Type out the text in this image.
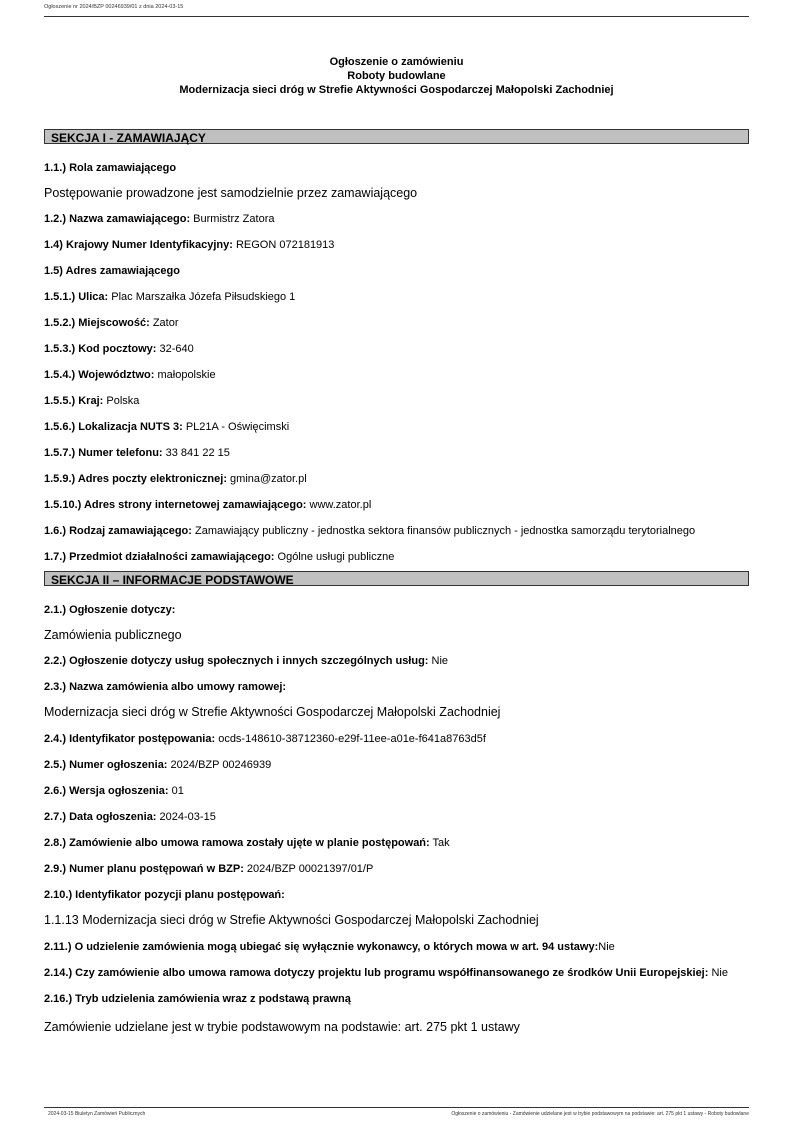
Ogłoszenie nr 2024/BZP 00246939/01 z dnia 2024-03-15
Ogłoszenie o zamówieniu
Roboty budowlane
Modernizacja sieci dróg w Strefie Aktywności Gospodarczej Małopolski Zachodniej
SEKCJA I - ZAMAWIAJĄCY
1.1.) Rola zamawiającego
Postępowanie prowadzone jest samodzielnie przez zamawiającego
1.2.) Nazwa zamawiającego: Burmistrz Zatora
1.4) Krajowy Numer Identyfikacyjny: REGON 072181913
1.5) Adres zamawiającego
1.5.1.) Ulica: Plac Marszałka Józefa Piłsudskiego 1
1.5.2.) Miejscowość: Zator
1.5.3.) Kod pocztowy: 32-640
1.5.4.) Województwo: małopolskie
1.5.5.) Kraj: Polska
1.5.6.) Lokalizacja NUTS 3: PL21A - Oświęcimski
1.5.7.) Numer telefonu: 33 841 22 15
1.5.9.) Adres poczty elektronicznej: gmina@zator.pl
1.5.10.) Adres strony internetowej zamawiającego: www.zator.pl
1.6.) Rodzaj zamawiającego: Zamawiający publiczny - jednostka sektora finansów publicznych - jednostka samorządu terytorialnego
1.7.) Przedmiot działalności zamawiającego: Ogólne usługi publiczne
SEKCJA II – INFORMACJE PODSTAWOWE
2.1.) Ogłoszenie dotyczy:
Zamówienia publicznego
2.2.) Ogłoszenie dotyczy usług społecznych i innych szczególnych usług: Nie
2.3.) Nazwa zamówienia albo umowy ramowej:
Modernizacja sieci dróg w Strefie Aktywności Gospodarczej Małopolski Zachodniej
2.4.) Identyfikator postępowania: ocds-148610-38712360-e29f-11ee-a01e-f641a8763d5f
2.5.) Numer ogłoszenia: 2024/BZP 00246939
2.6.) Wersja ogłoszenia: 01
2.7.) Data ogłoszenia: 2024-03-15
2.8.) Zamówienie albo umowa ramowa zostały ujęte w planie postępowań: Tak
2.9.) Numer planu postępowań w BZP: 2024/BZP 00021397/01/P
2.10.) Identyfikator pozycji planu postępowań:
1.1.13 Modernizacja sieci dróg w Strefie Aktywności Gospodarczej Małopolski Zachodniej
2.11.) O udzielenie zamówienia mogą ubiegać się wyłącznie wykonawcy, o których mowa w art. 94 ustawy:Nie
2.14.) Czy zamówienie albo umowa ramowa dotyczy projektu lub programu współfinansowanego ze środków Unii Europejskiej: Nie
2.16.) Tryb udzielenia zamówienia wraz z podstawą prawną
Zamówienie udzielane jest w trybie podstawowym na podstawie: art. 275 pkt 1 ustawy
2024-03-15 Biuletyn Zamówień Publicznych	Ogłoszenie o zamówieniu - Zamówienie udzielane jest w trybie podstawowym na podstawie: art. 275 pkt 1 ustawy - Roboty budowlane
